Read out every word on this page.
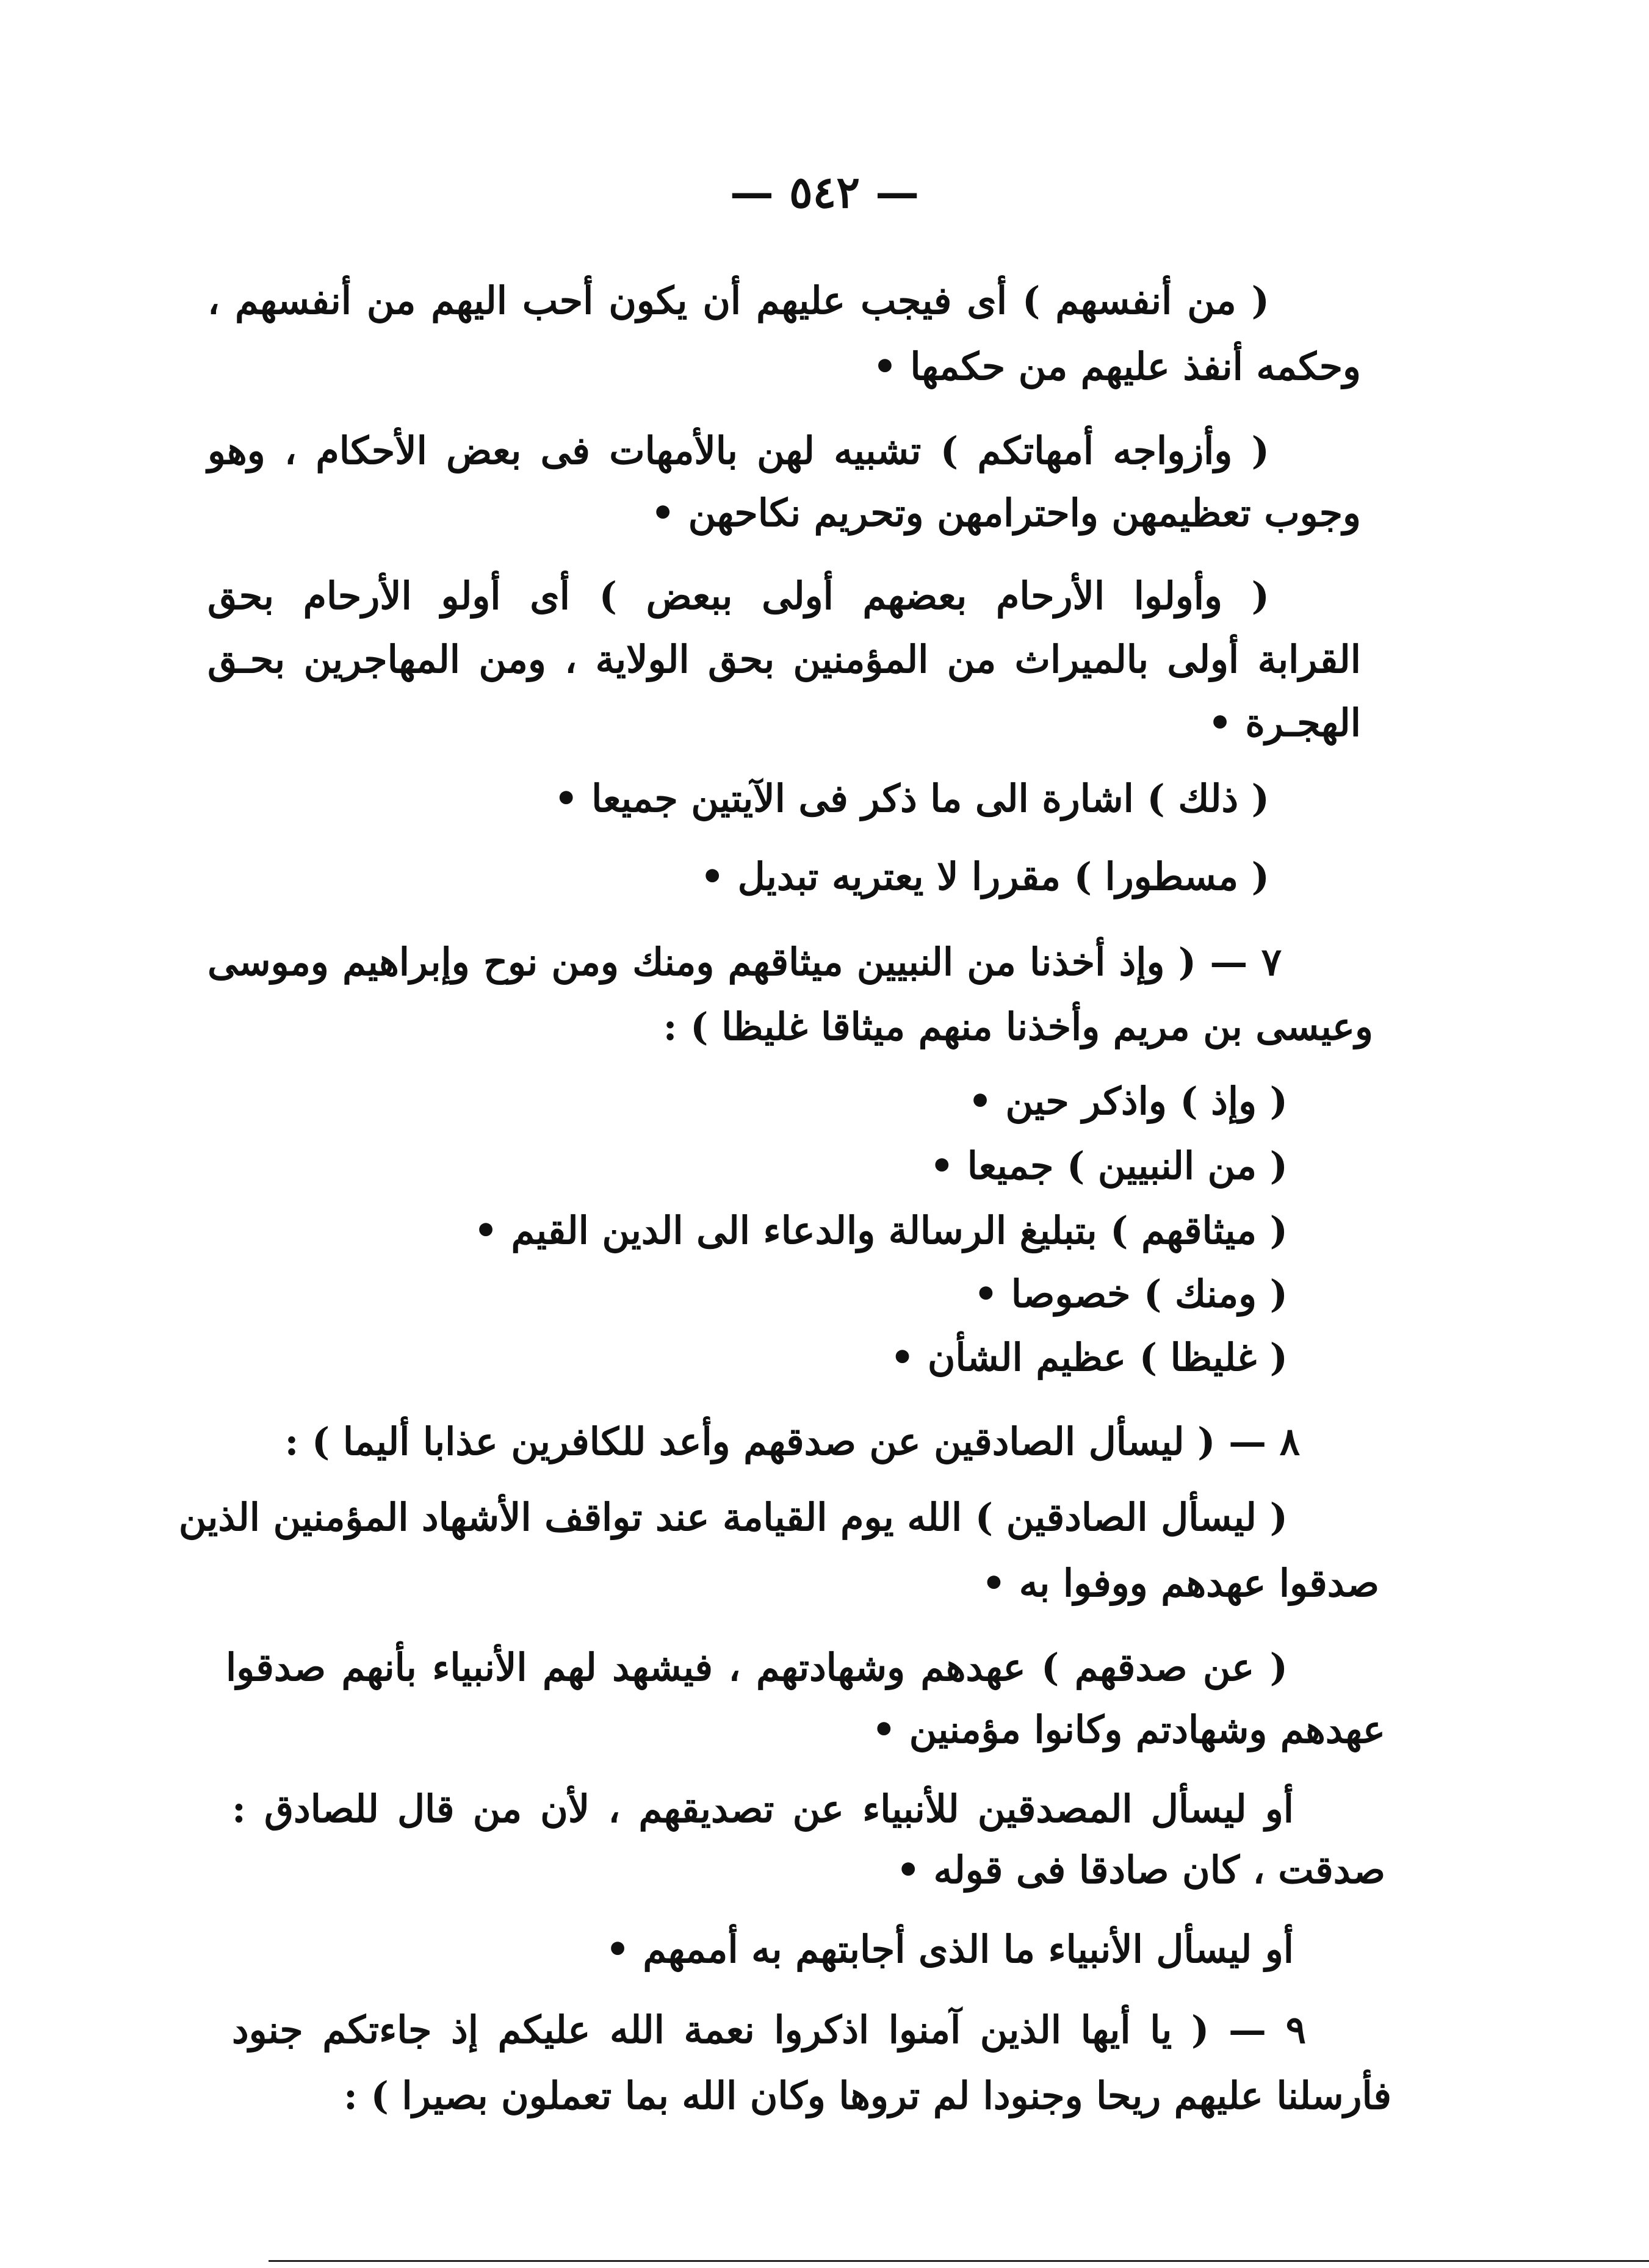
— ٥٤٢ —
( من أنفسهم ) أى فيجب عليهم أن يكون أحب اليهم من أنفسهم ،
وحكمه أنفذ عليهم من حكمها •
( وأزواجه أمهاتكم ) تشبيه لهن بالأمهات فى بعض الأحكام ، وهو
وجوب تعظيمهن واحترامهن وتحريم نكاحهن •
( وأولوا الأرحام بعضهم أولى ببعض ) أى أولو الأرحام بحق
القرابة أولى بالميراث من المؤمنين بحق الولاية ، ومن المهاجرين بحـق
الهجـرة •
( ذلك ) اشارة الى ما ذكر فى الآيتين جميعا •
( مسطورا ) مقررا لا يعتريه تبديل •
٧ — ( وإذ أخذنا من النبيين ميثاقهم ومنك ومن نوح وإبراهيم وموسى
وعيسى بن مريم وأخذنا منهم ميثاقا غليظا ) :
( وإذ ) واذكر حين •
( من النبيين ) جميعا •
( ميثاقهم ) بتبليغ الرسالة والدعاء الى الدين القيم •
( ومنك ) خصوصا •
( غليظا ) عظيم الشأن •
٨ — ( ليسأل الصادقين عن صدقهم وأعد للكافرين عذابا أليما ) :
( ليسأل الصادقين ) الله يوم القيامة عند تواقف الأشهاد المؤمنين الذين
صدقوا عهدهم ووفوا به •
( عن صدقهم ) عهدهم وشهادتهم ، فيشهد لهم الأنبياء بأنهم صدقوا
عهدهم وشهادتم وكانوا مؤمنين •
أو ليسأل المصدقين للأنبياء عن تصديقهم ، لأن من قال للصادق :
صدقت ، كان صادقا فى قوله •
أو ليسأل الأنبياء ما الذى أجابتهم به أممهم •
٩ — ( يا أيها الذين آمنوا اذكروا نعمة الله عليكم إذ جاءتكم جنود
فأرسلنا عليهم ريحا وجنودا لم تروها وكان الله بما تعملون بصيرا ) :
